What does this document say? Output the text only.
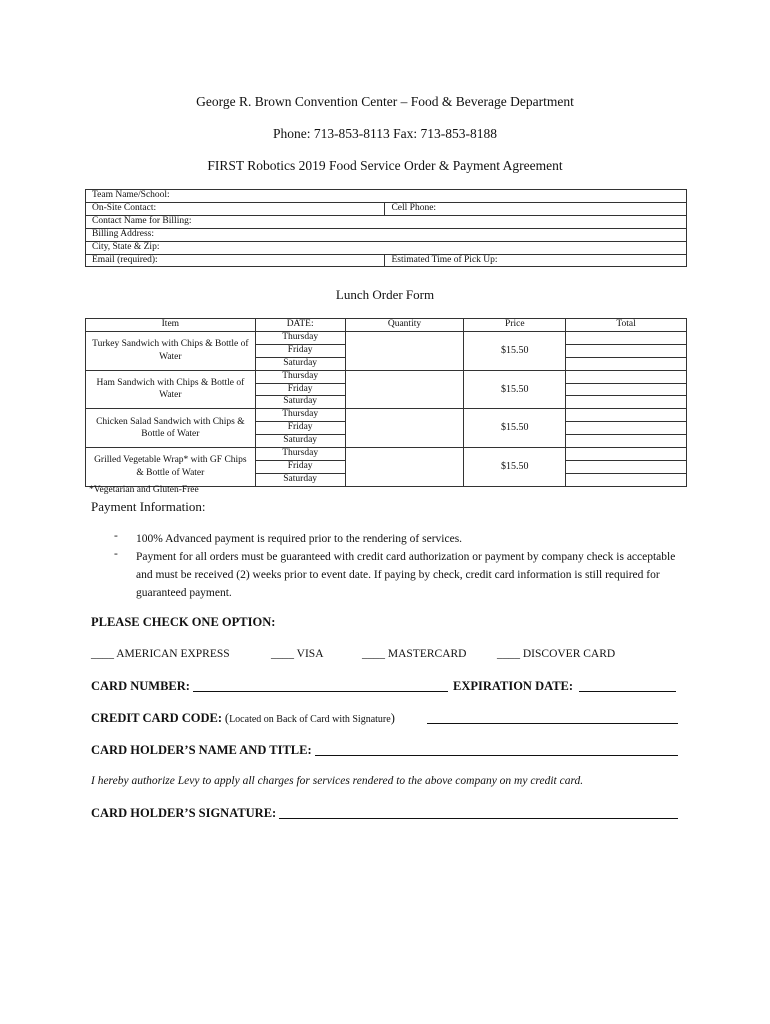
George R. Brown Convention Center – Food & Beverage Department
Phone: 713-853-8113 Fax: 713-853-8188
FIRST Robotics 2019 Food Service Order & Payment Agreement
Team Name/School:	
On-Site Contact:	Cell Phone:
Contact Name for Billing:	
Billing Address:	
City, State & Zip:	
Email (required):	Estimated Time of Pick Up:
Lunch Order Form
Item	DATE:	Quantity	Price	Total
Turkey Sandwich with Chips & Bottle of Water	Thursday		$15.50	
	Friday			
	Saturday			
Ham Sandwich with Chips & Bottle of Water	Thursday		$15.50	
	Friday			
	Saturday			
Chicken Salad Sandwich with Chips & Bottle of Water	Thursday		$15.50	
	Friday			
	Saturday			
Grilled Vegetable Wrap* with GF Chips & Bottle of Water	Thursday		$15.50	
	Friday			
	Saturday			
*Vegetarian and Gluten-Free
Payment Information:
- 100% Advanced payment is required prior to the rendering of services.
- Payment for all orders must be guaranteed with credit card authorization or payment by company check is acceptable and must be received (2) weeks prior to event date. If paying by check, credit card information is still required for guaranteed payment.
PLEASE CHECK ONE OPTION:
____ AMERICAN EXPRESS	____ VISA	____ MASTERCARD	____ DISCOVER CARD
CARD NUMBER:	EXPIRATION DATE:
CREDIT CARD CODE: (Located on Back of Card with Signature)
CARD HOLDER’S NAME AND TITLE:
I hereby authorize Levy to apply all charges for services rendered to the above company on my credit card.
CARD HOLDER’S SIGNATURE:
